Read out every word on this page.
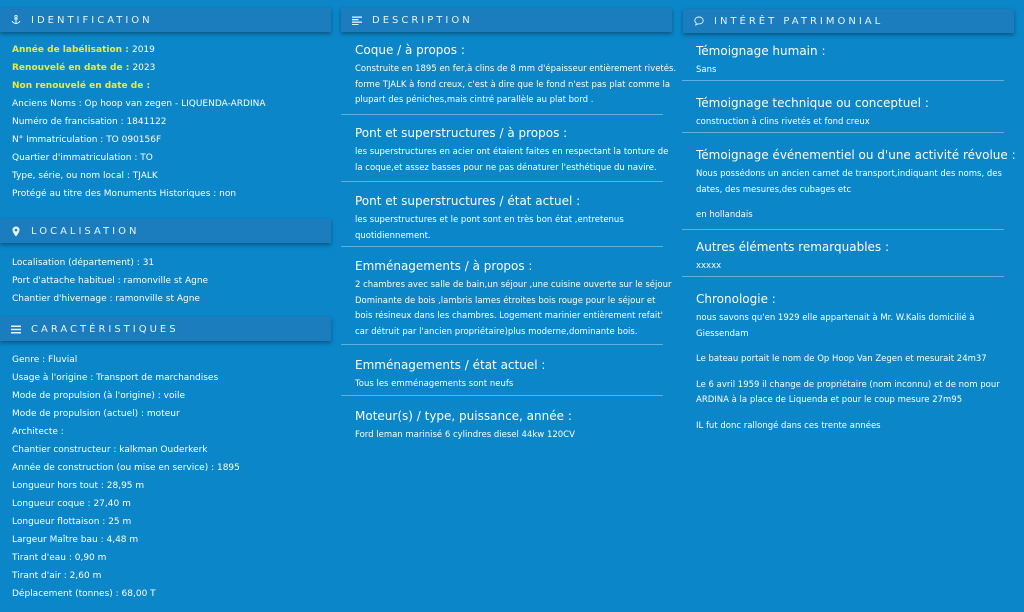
IDENTIFICATION
Année de labélisation : 2019
Renouvelé en date de : 2023
Non renouvelé en date de :
Anciens Noms : Op hoop van zegen - LIQUENDA-ARDINA
Numéro de francisation : 1841122
N° Immatriculation : TO 090156F
Quartier d'immatriculation : TO
Type, série, ou nom local : TJALK
Protégé au titre des Monuments Historiques : non
LOCALISATION
Localisation (département) : 31
Port d'attache habituel : ramonville st Agne
Chantier d'hivernage : ramonville st Agne
CARACTÉRISTIQUES
Genre : Fluvial
Usage à l'origine : Transport de marchandises
Mode de propulsion (à l'origine) : voile
Mode de propulsion (actuel) : moteur
Architecte :
Chantier constructeur : kalkman Ouderkerk
Année de construction (ou mise en service) : 1895
Longueur hors tout : 28,95 m
Longueur coque : 27,40 m
Longueur flottaison : 25 m
Largeur Maître bau : 4,48 m
Tirant d'eau : 0,90 m
Tirant d'air : 2,60 m
Déplacement (tonnes) : 68,00 T
DESCRIPTION
Coque / à propos :
Construite en 1895 en fer,à clins de 8 mm d'épaisseur entièrement rivetés.
forme TJALK à fond creux, c'est à dire que le fond n'est pas plat comme la
plupart des péniches,mais cintré parallèle au plat bord .
Pont et superstructures / à propos :
les superstructures en acier ont étaient faites en respectant la tonture de
la coque,et assez basses pour ne pas dénaturer l'esthétique du navire.
Pont et superstructures / état actuel :
les superstructures et le pont sont en très bon état ,entretenus
quotidiennement.
Emménagements / à propos :
2 chambres avec salle de bain,un séjour ,une cuisine ouverte sur le séjour
Dominante de bois ,lambris lames étroites bois rouge pour le séjour et
bois résineux dans les chambres. Logement marinier entièrement refait'
car détruit par l'ancien propriétaire)plus moderne,dominante bois.
Emménagements / état actuel :
Tous les emménagements sont neufs
Moteur(s) / type, puissance, année :
Ford leman marinisé 6 cylindres diesel 44kw 120CV
INTÉRÊT PATRIMONIAL
Témoignage humain :
Sans
Témoignage technique ou conceptuel :
construction à clins rivetés et fond creux
Témoignage événementiel ou d'une activité révolue :
Nous possédons un ancien carnet de transport,indiquant des noms, des
dates, des mesures,des cubages etc
en hollandais
Autres éléments remarquables :
xxxxx
Chronologie :
nous savons qu'en 1929 elle appartenait à Mr. W.Kalis domicilié à
Giessendam
Le bateau portait le nom de Op Hoop Van Zegen et mesurait 24m37
Le 6 avril 1959 il change de propriétaire (nom inconnu) et de nom pour
ARDINA à la place de Liquenda et pour le coup mesure 27m95
IL fut donc rallongé dans ces trente années
